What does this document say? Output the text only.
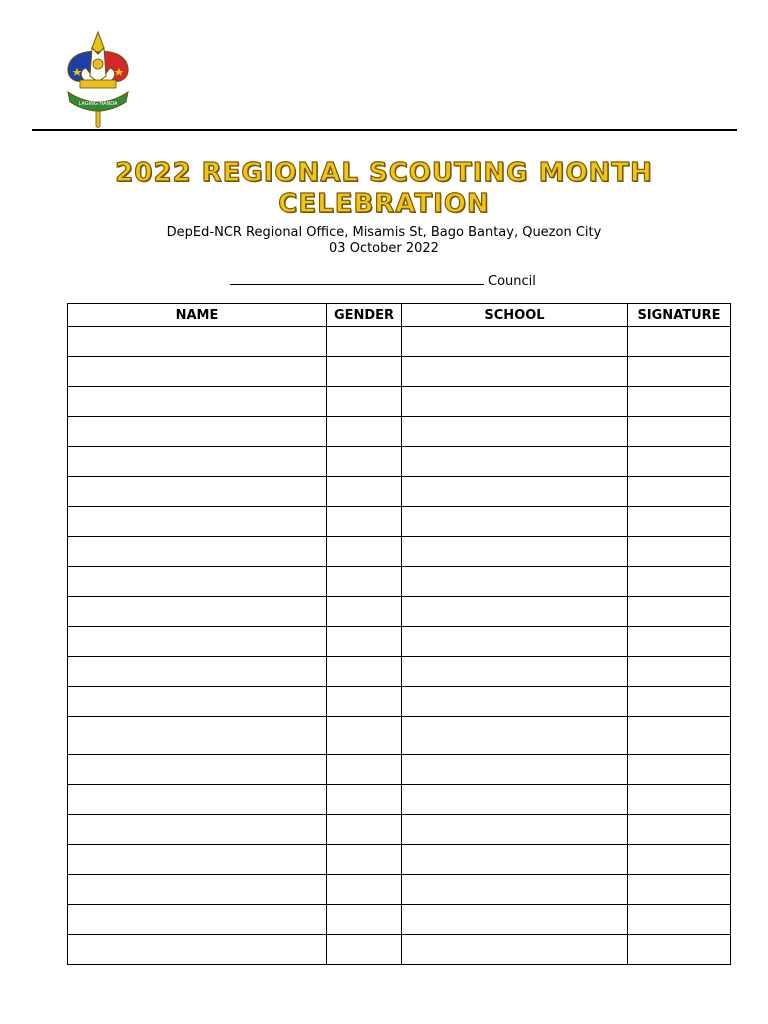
LAGING HANDA
2022 REGIONAL SCOUTING MONTH
CELEBRATION
DepEd-NCR Regional Office, Misamis St, Bago Bantay, Quezon City
03 October 2022
Council
NAME	GENDER	SCHOOL	SIGNATURE
